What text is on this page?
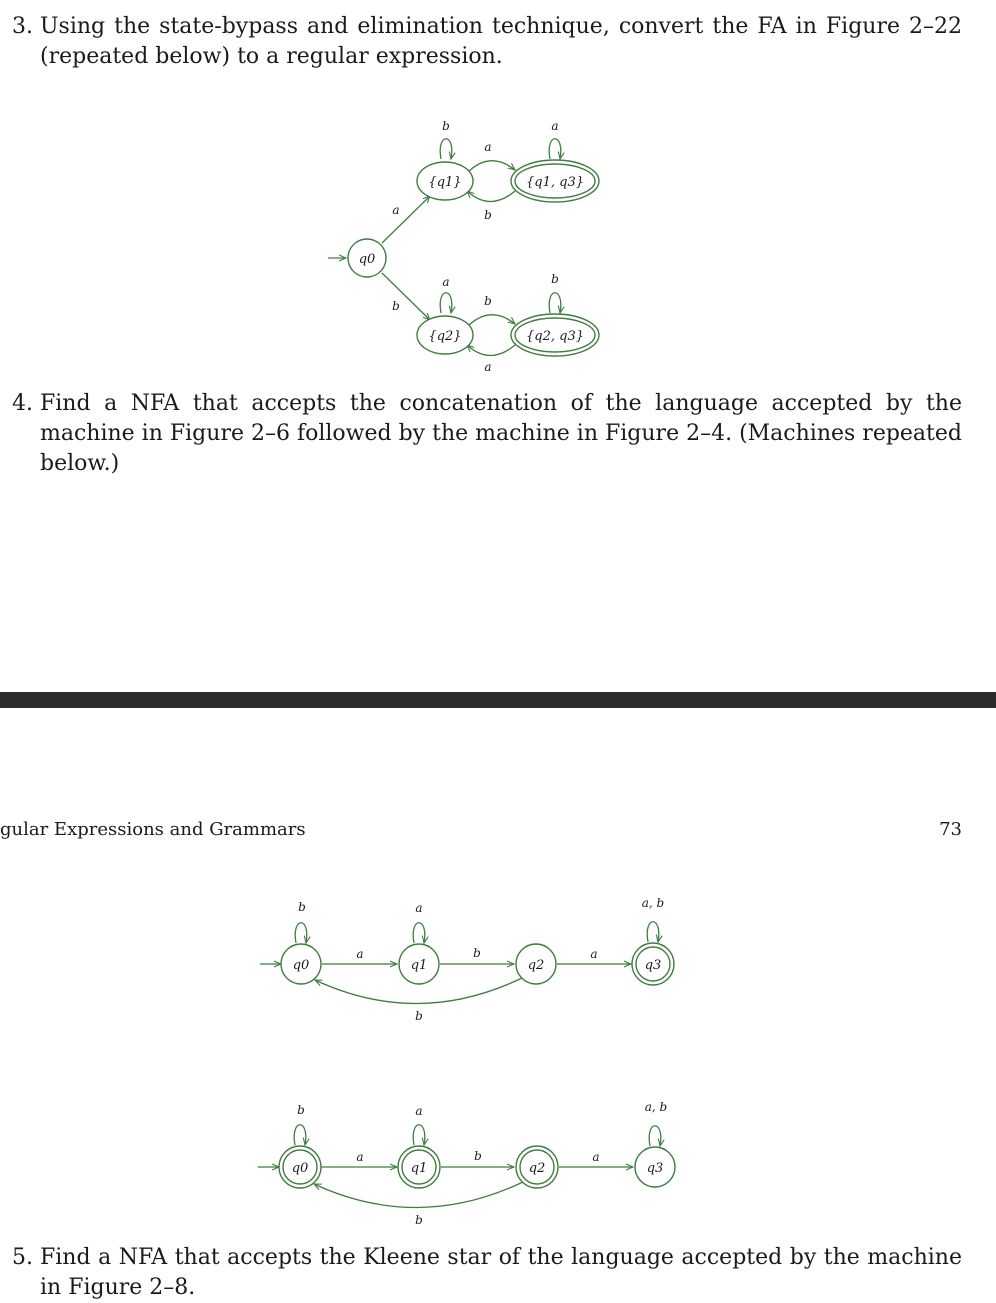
3. Using the state-bypass and elimination technique, convert the FA in Figure 2–22 (repeated below) to a regular expression.
q0
{q1}	{q1, q3}
{q2}	{q2, q3}
b	a
a
b
a
b
a	b
b
a
4. Find a NFA that accepts the concatenation of the language accepted by the machine in Figure 2–6 followed by the machine in Figure 2–4. (Machines repeated below.)
gular Expressions and Grammars	73
q0	q1	q2	q3
b	a	a, b
a	b	a
b
q0	q1	q2	q3
b	a	a, b
a	b	a
b
5. Find a NFA that accepts the Kleene star of the language accepted by the machine in Figure 2–8.
